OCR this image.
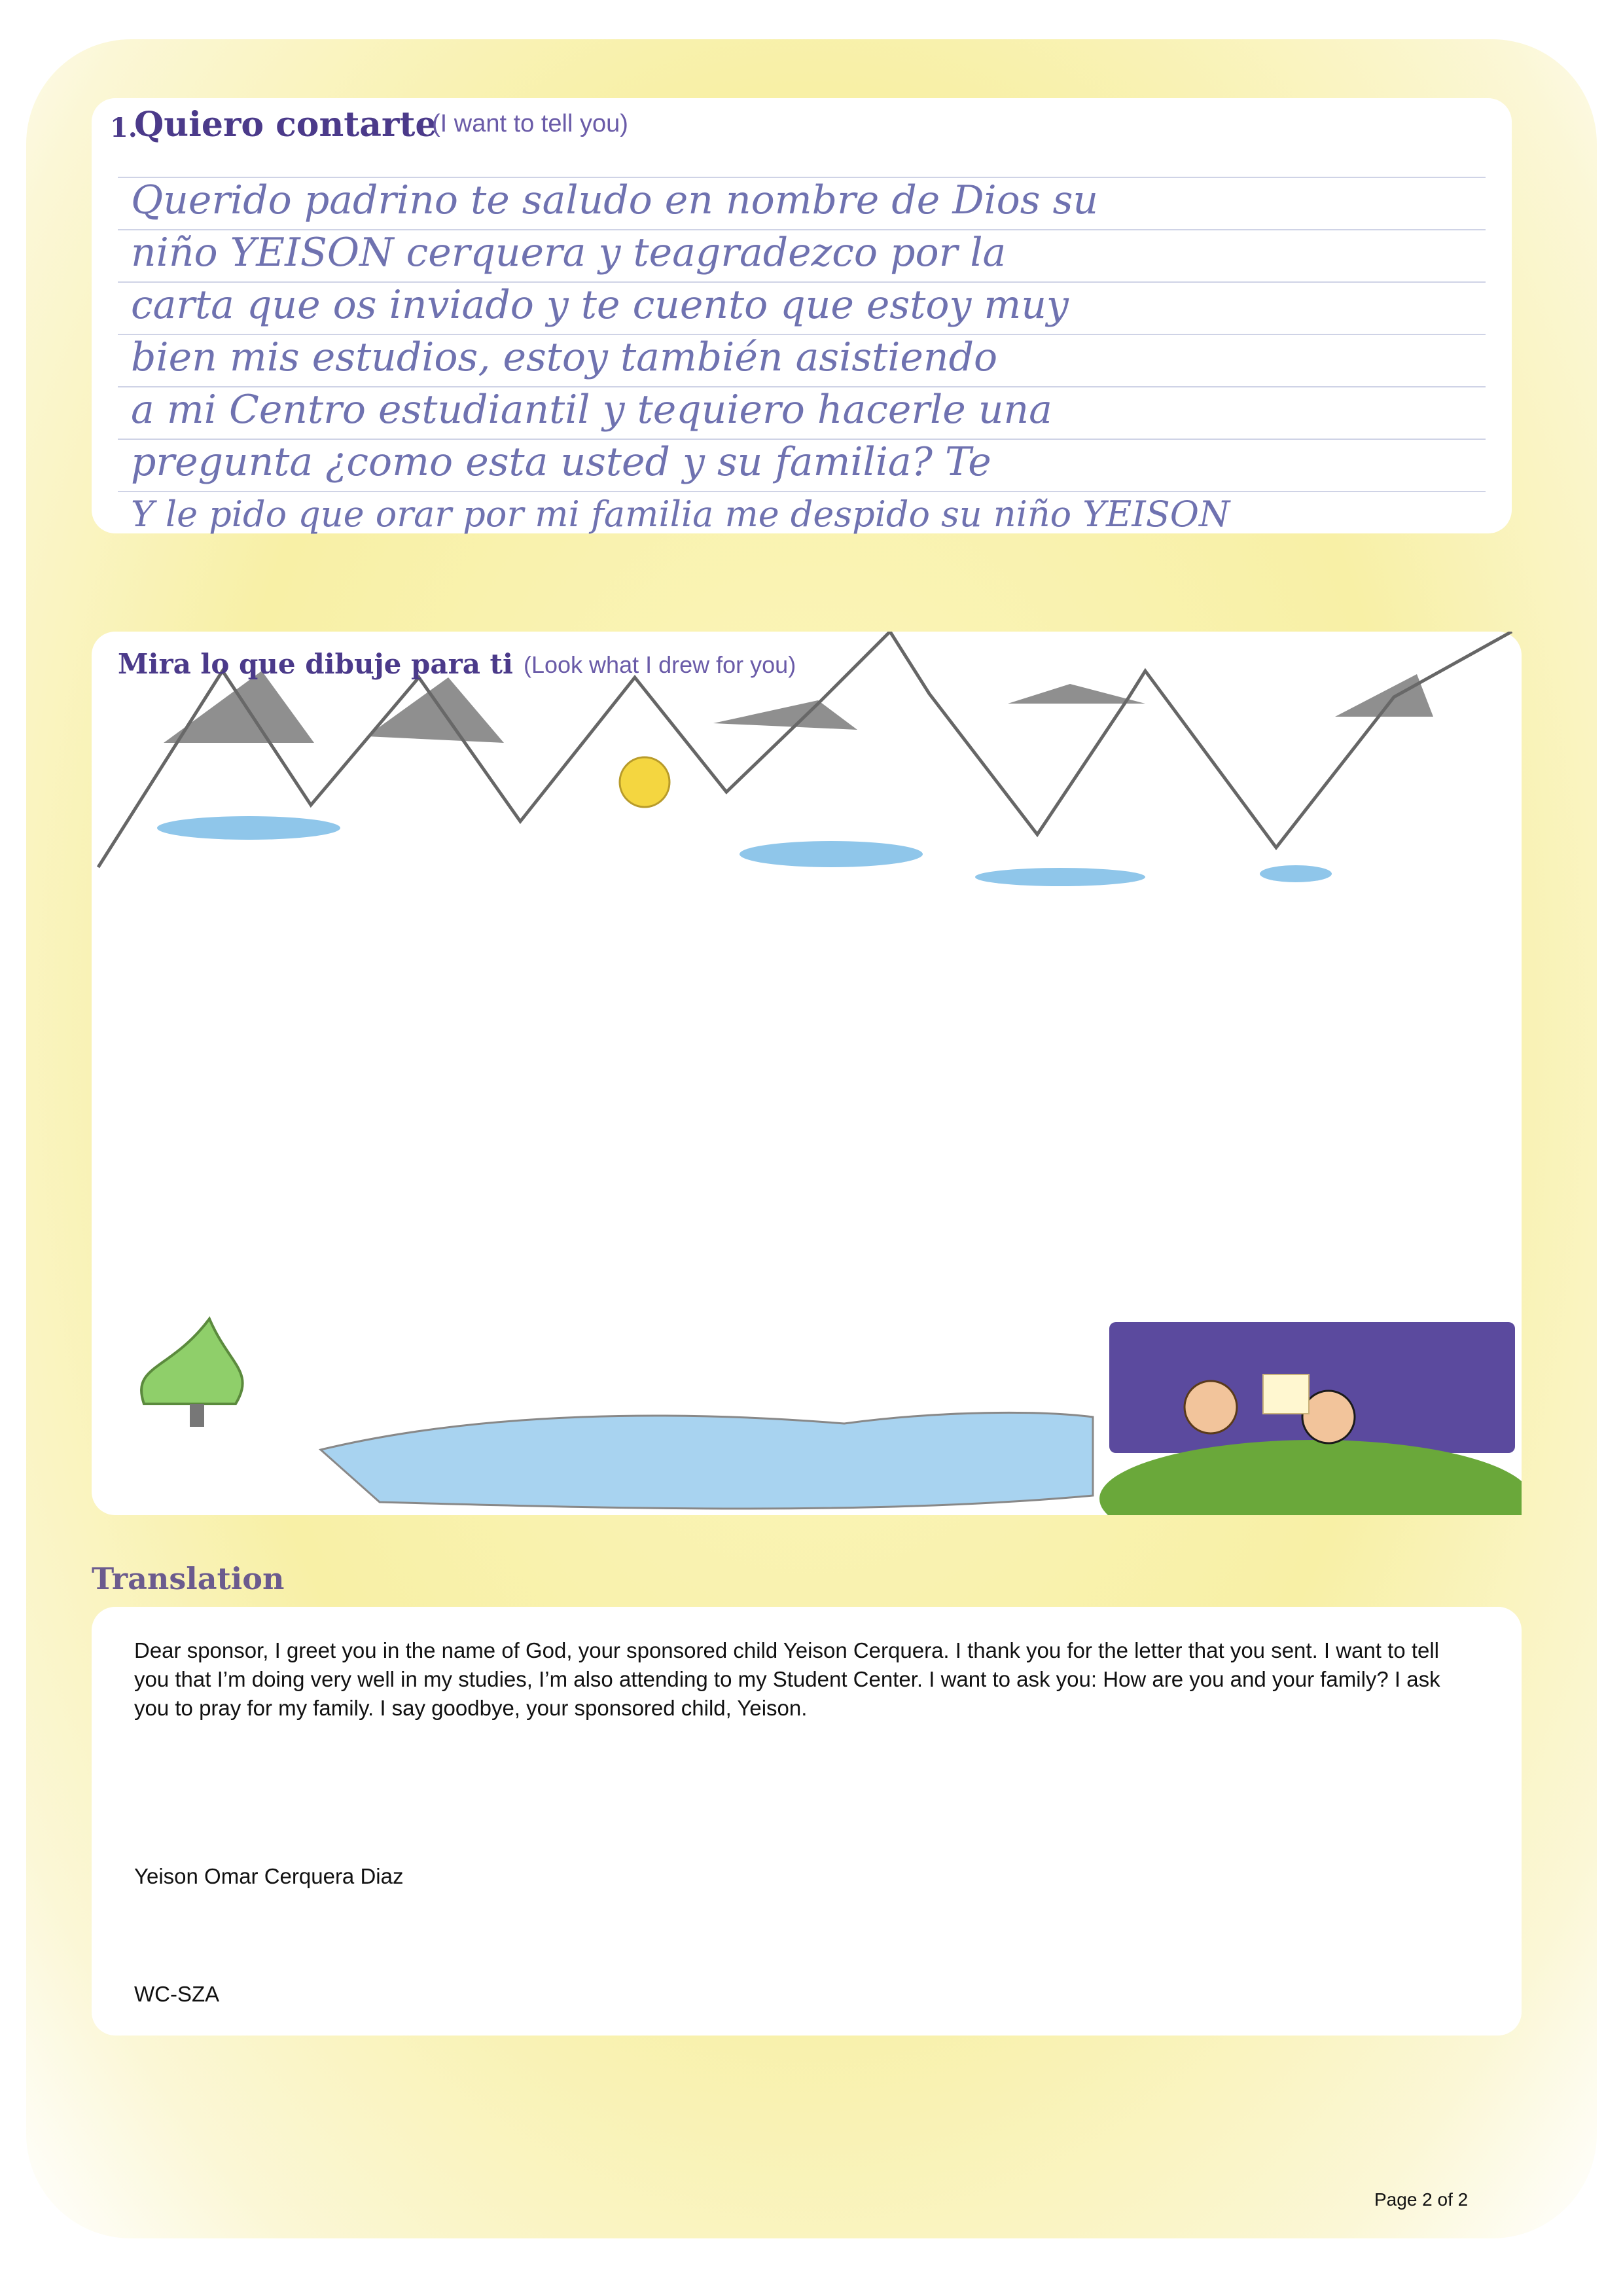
Querido padrino te saludo en nombre de Dios su
niño YEISON cerquera y teagradezco por la
carta que os inviado y te cuento que estoy muy
bien mis estudios, estoy también asistiendo
a mi Centro estudiantil y tequiero hacerle una
pregunta ¿como esta usted y su familia? Te
Y le pido que orar por mi familia me despido su niño YEISON
1.
Quiero contarte
(I want to tell you)
Mira lo que dibuje para ti (Look what I drew for you)
Translation
Dear sponsor, I greet you in the name of God, your sponsored child Yeison Cerquera. I thank you for the letter that you sent. I want to tell you that I’m doing very well in my studies, I’m also attending to my Student Center. I want to ask you: How are you and your family? I ask you to pray for my family. I say goodbye, your sponsored child, Yeison.
Yeison Omar Cerquera Diaz
WC-SZA
Page 2 of 2
